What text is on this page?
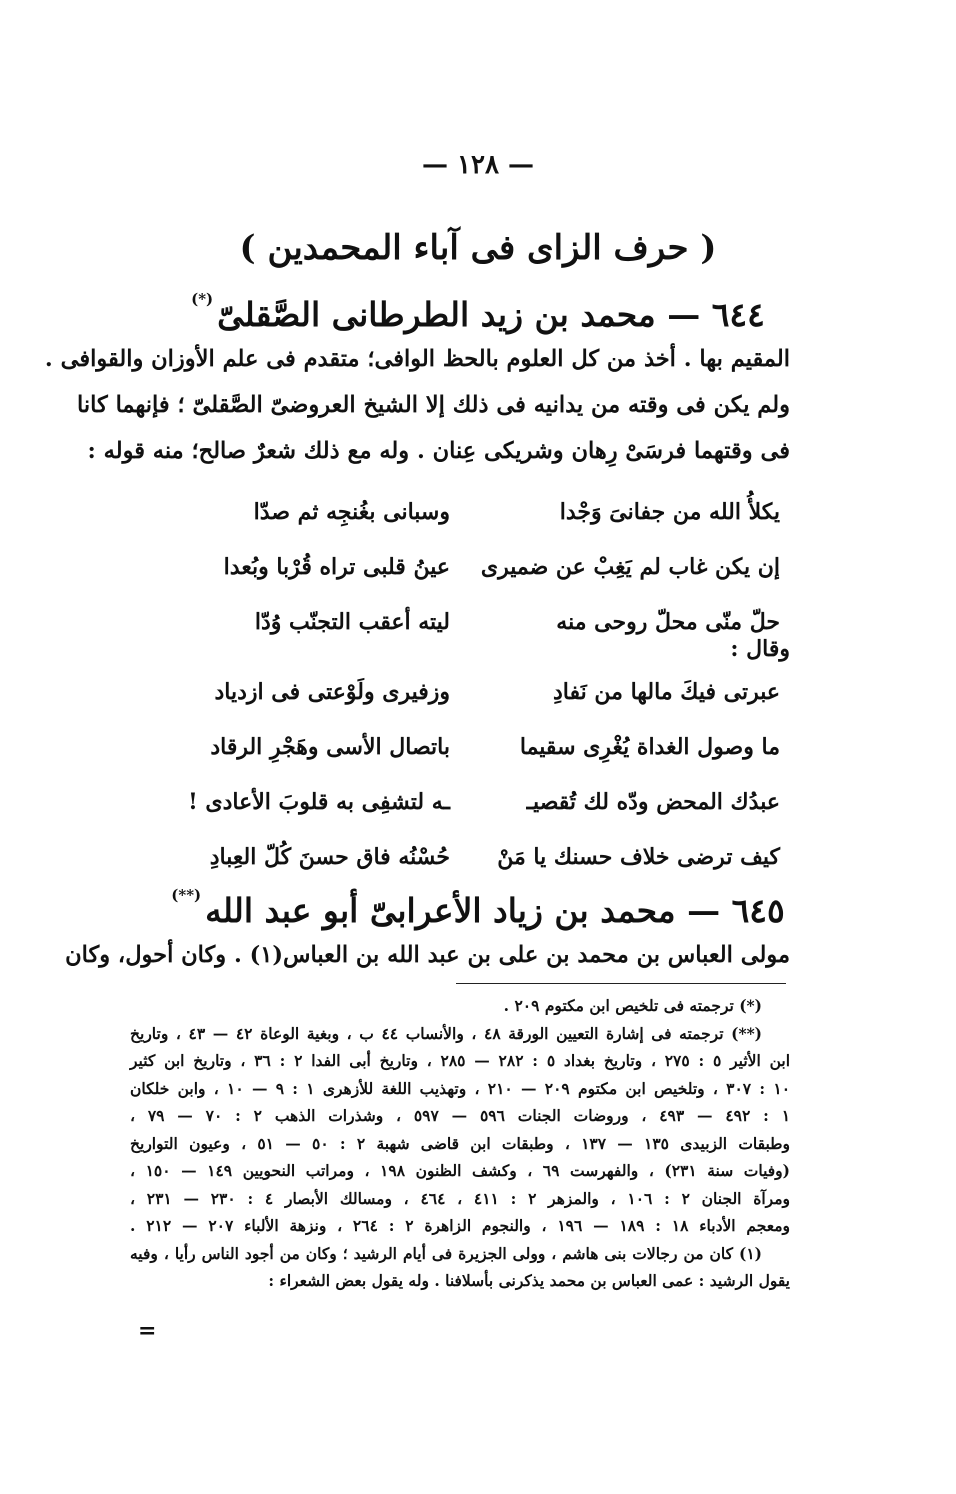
— ١٢٨ —
( حرف الزاى فى آباء المحمدين )
٦٤٤ — محمد بن زيد الطرطانى الصَّقلىّ(*)
المقيم بها . أخذ من كل العلوم بالحظ الوافى؛ متقدم فى علم الأوزان والقوافى .
ولم يكن فى وقته من يدانيه فى ذلك إلا الشيخ العروضىّ الصَّقلىّ ؛ فإنهما كانا
فى وقتهما فرسَىْ رِهان وشريكى عِنان . وله مع ذلك شعرٌ صالح؛ منه قوله :
يكلأُ الله من جفانىَ وَجْدا
وسبانى بغُنجِه ثم صدّا
إن يكن غاب لم يَغِبْ عن ضميرى
عينُ قلبى تراه قُرْبا وبُعدا
حلّ منّى محلّ روحى منه
ليته أعقب التجنّب وُدّا
وقال :
عبرتى فيكَ مالها من نَفادِ
وزفيرى ولَوْعتى فى ازدياد
ما وصول الغداة يُغْرِى سقيما
باتصال الأسى وهَجْرِ الرقاد
عبدُك المحض ودّه لك تُقصيـ
ـه لتشفِى به قلوبَ الأعادى !
كيف ترضى خلاف حسنك يا مَنْ
حُسْنُه فاق حسنَ كُلّ العِبادِ
٦٤٥ — محمد بن زياد الأعرابىّ أبو عبد الله(**)
مولى العباس بن محمد بن على بن عبد الله بن العباس(١) . وكان أحول، وكان
(*) ترجمته فى تلخيص ابن مكتوم ٢٠٩ .
(**) ترجمته فى إشارة التعيين الورقة ٤٨ ، والأنساب ٤٤ ب ، وبغية الوعاة ٤٢ — ٤٣ ، وتاريخ
ابن الأثير ٥ : ٢٧٥ ، وتاريخ بغداد ٥ : ٢٨٢ — ٢٨٥ ، وتاريخ أبى الفدا ٢ : ٣٦ ، وتاريخ ابن كثير
١٠ : ٣٠٧ ، وتلخيص ابن مكتوم ٢٠٩ — ٢١٠ ، وتهذيب اللغة للأزهرى ١ : ٩ — ١٠ ، وابن خلكان
١ : ٤٩٢ — ٤٩٣ ، وروضات الجنات ٥٩٦ — ٥٩٧ ، وشذرات الذهب ٢ : ٧٠ — ٧٩ ،
وطبقات الزبيدى ١٣٥ — ١٣٧ ، وطبقات ابن قاضى شهبة ٢ : ٥٠ — ٥١ ، وعيون التواريخ
(وفيات سنة ٢٣١) ، والفهرست ٦٩ ، وكشف الظنون ١٩٨ ، ومراتب النحويين ١٤٩ — ١٥٠ ،
ومرآة الجنان ٢ : ١٠٦ ، والمزهر ٢ : ٤١١ ، ٤٦٤ ، ومسالك الأبصار ٤ : ٢٣٠ — ٢٣١ ،
ومعجم الأدباء ١٨ : ١٨٩ — ١٩٦ ، والنجوم الزاهرة ٢ : ٢٦٤ ، ونزهة الألباء ٢٠٧ — ٢١٢ .
(١) كان من رجالات بنى هاشم ، وولى الجزيرة فى أيام الرشيد ؛ وكان من أجود الناس رأيا ، وفيه
يقول الرشيد : عمى العباس بن محمد يذكرنى بأسلافنا . وله يقول بعض الشعراء :
=
